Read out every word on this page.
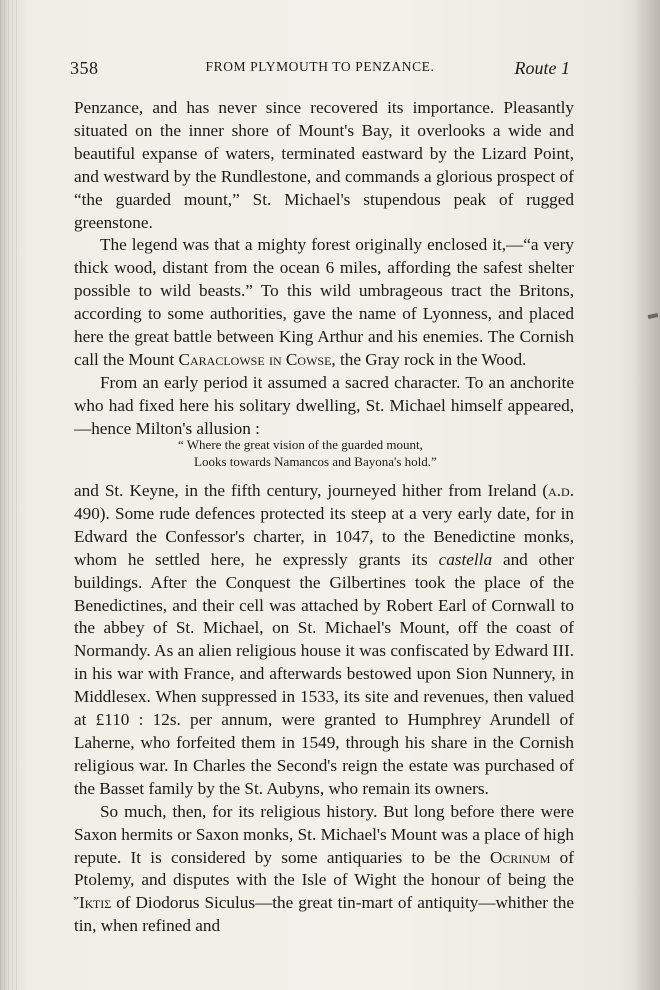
358	FROM PLYMOUTH TO PENZANCE.	Route 1

Penzance, and has never since recovered its importance. Pleasantly situated on the inner shore of Mount's Bay, it overlooks a wide and beautiful expanse of waters, terminated eastward by the Lizard Point, and westward by the Rundlestone, and commands a glorious prospect of “the guarded mount,” St. Michael's stupendous peak of rugged greenstone.

The legend was that a mighty forest originally enclosed it,—“a very thick wood, distant from the ocean 6 miles, affording the safest shelter possible to wild beasts.” To this wild umbrageous tract the Britons, according to some authorities, gave the name of Lyonness, and placed here the great battle between King Arthur and his enemies. The Cornish call the Mount Caraclowse in Cowse, the Gray rock in the Wood.

From an early period it assumed a sacred character. To an anchorite who had fixed here his solitary dwelling, St. Michael himself appeared,—hence Milton's allusion :

“ Where the great vision of the guarded mount,
Looks towards Namancos and Bayona's hold.”

and St. Keyne, in the fifth century, journeyed hither from Ireland (a.d. 490). Some rude defences protected its steep at a very early date, for in Edward the Confessor's charter, in 1047, to the Benedictine monks, whom he settled here, he expressly grants its castella and other buildings. After the Conquest the Gilbertines took the place of the Benedictines, and their cell was attached by Robert Earl of Cornwall to the abbey of St. Michael, on St. Michael's Mount, off the coast of Normandy. As an alien religious house it was confiscated by Edward III. in his war with France, and afterwards bestowed upon Sion Nunnery, in Middlesex. When suppressed in 1533, its site and revenues, then valued at £110 : 12s. per annum, were granted to Humphrey Arundell of Laherne, who forfeited them in 1549, through his share in the Cornish religious war. In Charles the Second's reign the estate was purchased of the Basset family by the St. Aubyns, who remain its owners.

So much, then, for its religious history. But long before there were Saxon hermits or Saxon monks, St. Michael's Mount was a place of high repute. It is considered by some antiquaries to be the Ocrinum of Ptolemy, and disputes with the Isle of Wight the honour of being the Ἴκτις of Diodorus Siculus—the great tin-mart of antiquity—whither the tin, when refined and
